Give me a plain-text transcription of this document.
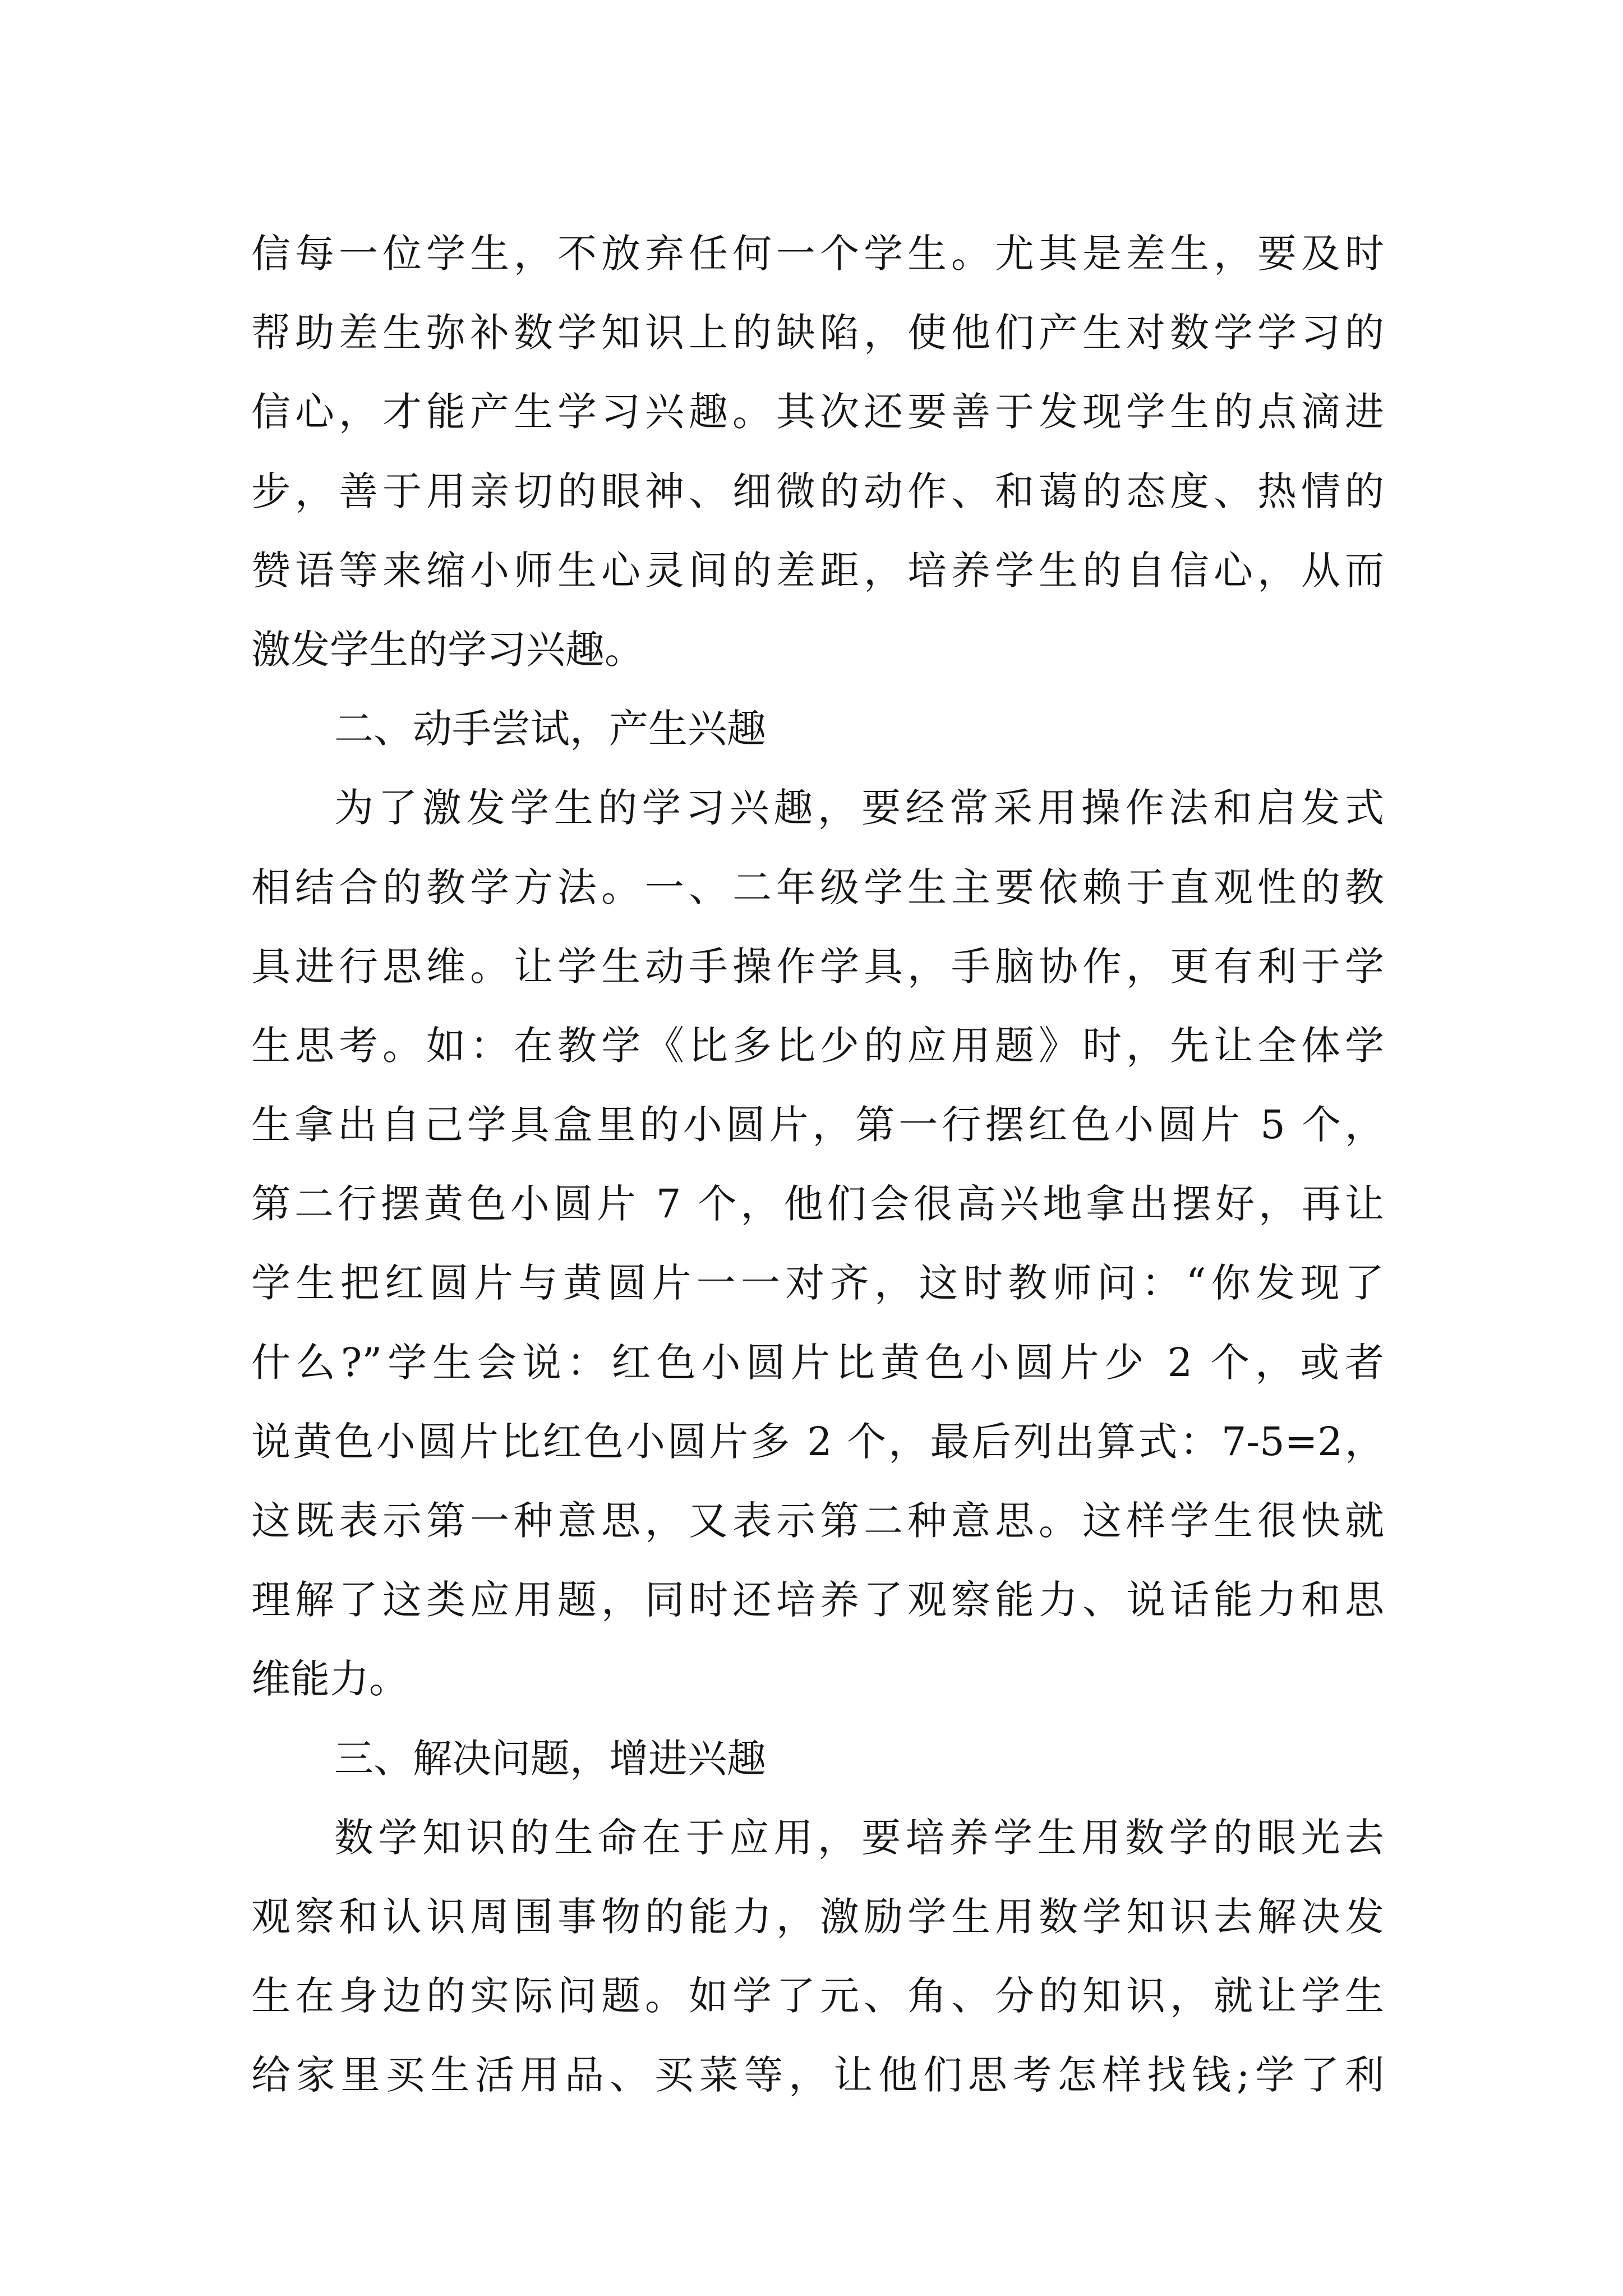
信每一位学生，不放弃任何一个学生。尤其是差生，要及时
帮助差生弥补数学知识上的缺陷，使他们产生对数学学习的
信心，才能产生学习兴趣。其次还要善于发现学生的点滴进
步，善于用亲切的眼神、细微的动作、和蔼的态度、热情的
赞语等来缩小师生心灵间的差距，培养学生的自信心，从而
激发学生的学习兴趣。
二、动手尝试，产生兴趣
为了激发学生的学习兴趣，要经常采用操作法和启发式
相结合的教学方法。一、二年级学生主要依赖于直观性的教
具进行思维。让学生动手操作学具，手脑协作，更有利于学
生思考。如：在教学《比多比少的应用题》时，先让全体学
生拿出自己学具盒里的小圆片，第一行摆红色小圆片 5 个，
第二行摆黄色小圆片 7 个，他们会很高兴地拿出摆好，再让
学生把红圆片与黄圆片一一对齐，这时教师问：“你发现了
什么?”学生会说：红色小圆片比黄色小圆片少 2 个，或者
说黄色小圆片比红色小圆片多 2 个，最后列出算式：7-5=2，
这既表示第一种意思，又表示第二种意思。这样学生很快就
理解了这类应用题，同时还培养了观察能力、说话能力和思
维能力。
三、解决问题，增进兴趣
数学知识的生命在于应用，要培养学生用数学的眼光去
观察和认识周围事物的能力，激励学生用数学知识去解决发
生在身边的实际问题。如学了元、角、分的知识，就让学生
给家里买生活用品、买菜等，让他们思考怎样找钱;学了利
